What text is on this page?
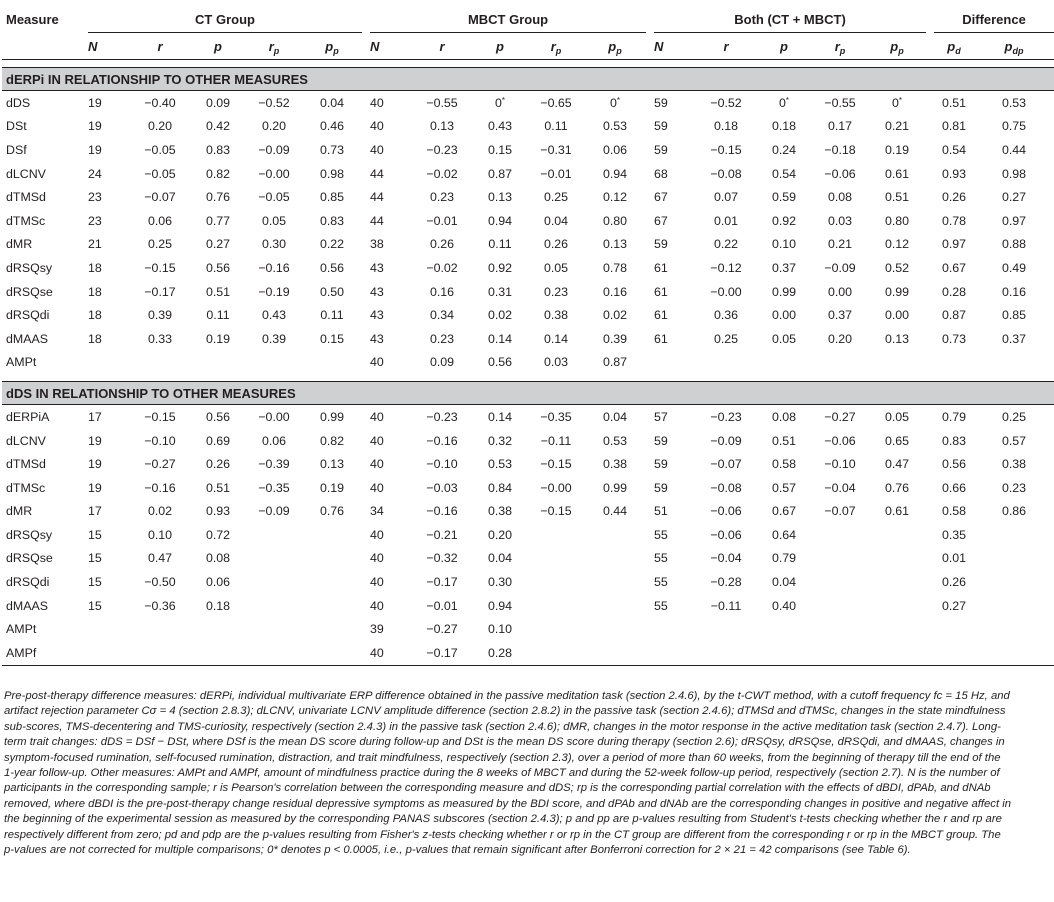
Measure	CT Group						MBCT Group						Both (CT + MBCT)						Difference	
	N	r	p	$r_p$	$p_p$		N	r	p	$r_p$	$p_p$		N	r	p	$r_p$	$p_p$		$p_d$	$p_{dp}$

dERPi IN RELATIONSHIP TO OTHER MEASURES																				
dDS	19	−0.40	0.09	−0.52	0.04		40	−0.55	0*	−0.65	0*		59	−0.52	0*	−0.55	0*		0.51	0.53
DSt	19	0.20	0.42	0.20	0.46		40	0.13	0.43	0.11	0.53		59	0.18	0.18	0.17	0.21		0.81	0.75
DSf	19	−0.05	0.83	−0.09	0.73		40	−0.23	0.15	−0.31	0.06		59	−0.15	0.24	−0.18	0.19		0.54	0.44
dLCNV	24	−0.05	0.82	−0.00	0.98		44	−0.02	0.87	−0.01	0.94		68	−0.08	0.54	−0.06	0.61		0.93	0.98
dTMSd	23	−0.07	0.76	−0.05	0.85		44	0.23	0.13	0.25	0.12		67	0.07	0.59	0.08	0.51		0.26	0.27
dTMSc	23	0.06	0.77	0.05	0.83		44	−0.01	0.94	0.04	0.80		67	0.01	0.92	0.03	0.80		0.78	0.97
dMR	21	0.25	0.27	0.30	0.22		38	0.26	0.11	0.26	0.13		59	0.22	0.10	0.21	0.12		0.97	0.88
dRSQsy	18	−0.15	0.56	−0.16	0.56		43	−0.02	0.92	0.05	0.78		61	−0.12	0.37	−0.09	0.52		0.67	0.49
dRSQse	18	−0.17	0.51	−0.19	0.50		43	0.16	0.31	0.23	0.16		61	−0.00	0.99	0.00	0.99		0.28	0.16
dRSQdi	18	0.39	0.11	0.43	0.11		43	0.34	0.02	0.38	0.02		61	0.36	0.00	0.37	0.00		0.87	0.85
dMAAS	18	0.33	0.19	0.39	0.15		43	0.23	0.14	0.14	0.39		61	0.25	0.05	0.20	0.13		0.73	0.37
AMPt							40	0.09	0.56	0.03	0.87									

dDS IN RELATIONSHIP TO OTHER MEASURES																				
dERPiA	17	−0.15	0.56	−0.00	0.99		40	−0.23	0.14	−0.35	0.04		57	−0.23	0.08	−0.27	0.05		0.79	0.25
dLCNV	19	−0.10	0.69	0.06	0.82		40	−0.16	0.32	−0.11	0.53		59	−0.09	0.51	−0.06	0.65		0.83	0.57
dTMSd	19	−0.27	0.26	−0.39	0.13		40	−0.10	0.53	−0.15	0.38		59	−0.07	0.58	−0.10	0.47		0.56	0.38
dTMSc	19	−0.16	0.51	−0.35	0.19		40	−0.03	0.84	−0.00	0.99		59	−0.08	0.57	−0.04	0.76		0.66	0.23
dMR	17	0.02	0.93	−0.09	0.76		34	−0.16	0.38	−0.15	0.44		51	−0.06	0.67	−0.07	0.61		0.58	0.86
dRSQsy	15	0.10	0.72				40	−0.21	0.20				55	−0.06	0.64				0.35	
dRSQse	15	0.47	0.08				40	−0.32	0.04				55	−0.04	0.79				0.01	
dRSQdi	15	−0.50	0.06				40	−0.17	0.30				55	−0.28	0.04				0.26	
dMAAS	15	−0.36	0.18				40	−0.01	0.94				55	−0.11	0.40				0.27	
AMPt							39	−0.27	0.10											
AMPf							40	−0.17	0.28											

Pre-post-therapy difference measures: dERPi, individual multivariate ERP difference obtained in the passive meditation task (section 2.4.6), by the t-CWT method, with a cutoff frequency fc = 15 Hz, and artifact rejection parameter Cσ = 4 (section 2.8.3); dLCNV, univariate LCNV amplitude difference (section 2.8.2) in the passive task (section 2.4.6); dTMSd and dTMSc, changes in the state mindfulness sub-scores, TMS-decentering and TMS-curiosity, respectively (section 2.4.3) in the passive task (section 2.4.6); dMR, changes in the motor response in the active meditation task (section 2.4.7). Long-term trait changes: dDS = DSf − DSt, where DSf is the mean DS score during follow-up and DSt is the mean DS score during therapy (section 2.6); dRSQsy, dRSQse, dRSQdi, and dMAAS, changes in symptom-focused rumination, self-focused rumination, distraction, and trait mindfulness, respectively (section 2.3), over a period of more than 60 weeks, from the beginning of therapy till the end of the 1-year follow-up. Other measures: AMPt and AMPf, amount of mindfulness practice during the 8 weeks of MBCT and during the 52-week follow-up period, respectively (section 2.7). N is the number of participants in the corresponding sample; r is Pearson's correlation between the corresponding measure and dDS; rp is the corresponding partial correlation with the effects of dBDI, dPAb, and dNAb removed, where dBDI is the pre-post-therapy change residual depressive symptoms as measured by the BDI score, and dPAb and dNAb are the corresponding changes in positive and negative affect in the beginning of the experimental session as measured by the corresponding PANAS subscores (section 2.4.3); p and pp are p-values resulting from Student's t-tests checking whether the r and rp are respectively different from zero; pd and pdp are the p-values resulting from Fisher's z-tests checking whether r or rp in the CT group are different from the corresponding r or rp in the MBCT group. The p-values are not corrected for multiple comparisons; 0* denotes p < 0.0005, i.e., p-values that remain significant after Bonferroni correction for 2 × 21 = 42 comparisons (see Table 6).
